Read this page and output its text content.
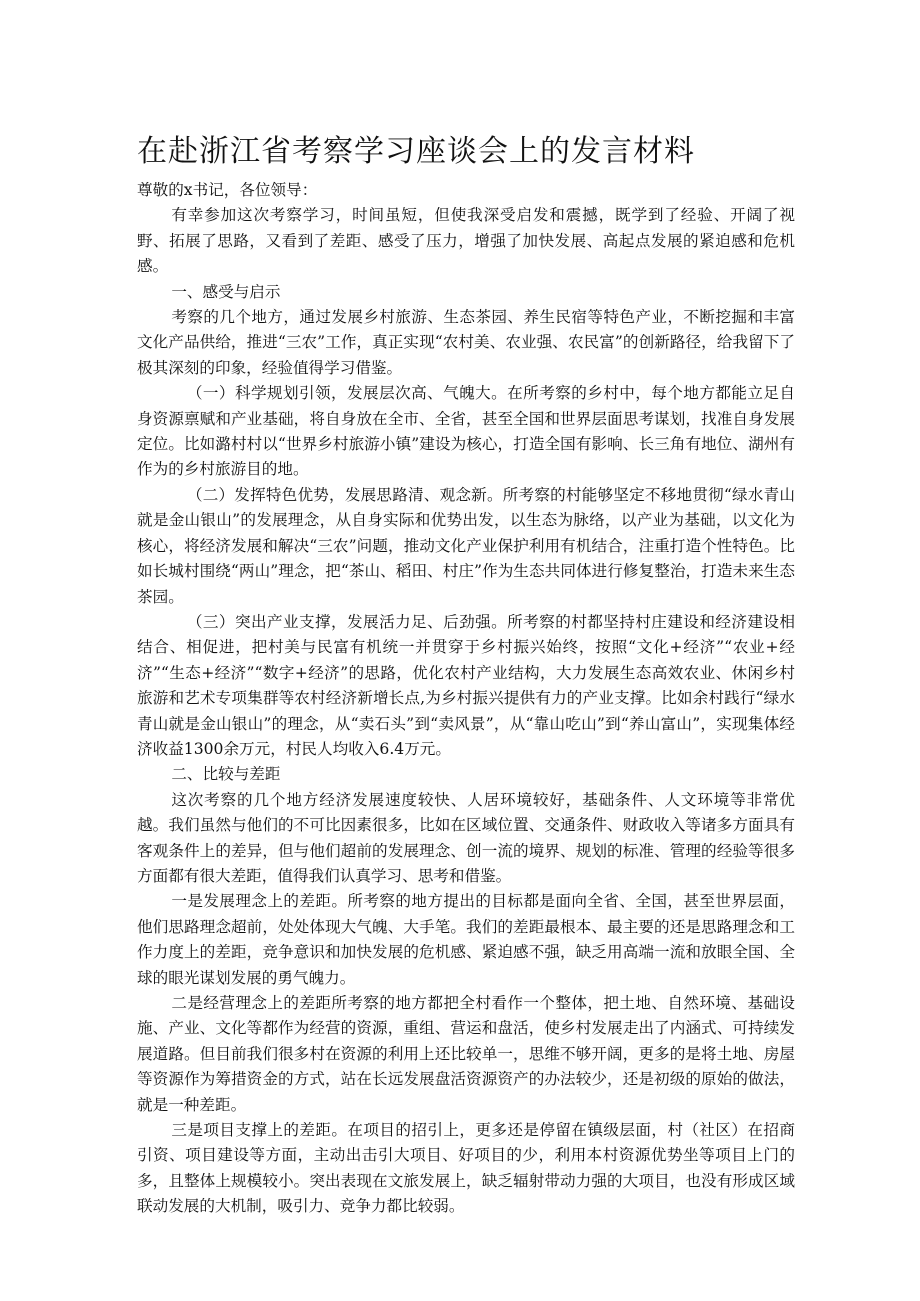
在赴浙江省考察学习座谈会上的发言材料

尊敬的x书记，各位领导：

有幸参加这次考察学习，时间虽短，但使我深受启发和震撼，既学到了经验、开阔了视野、拓展了思路，又看到了差距、感受了压力，增强了加快发展、高起点发展的紧迫感和危机感。

一、感受与启示

考察的几个地方，通过发展乡村旅游、生态茶园、养生民宿等特色产业，不断挖掘和丰富文化产品供给，推进“三农”工作，真正实现“农村美、农业强、农民富”的创新路径，给我留下了极其深刻的印象，经验值得学习借鉴。

（一）科学规划引领，发展层次高、气魄大。在所考察的乡村中，每个地方都能立足自身资源禀赋和产业基础，将自身放在全市、全省，甚至全国和世界层面思考谋划，找准自身发展定位。比如潞村村以“世界乡村旅游小镇”建设为核心，打造全国有影响、长三角有地位、湖州有作为的乡村旅游目的地。

（二）发挥特色优势，发展思路清、观念新。所考察的村能够坚定不移地贯彻“绿水青山就是金山银山”的发展理念，从自身实际和优势出发，以生态为脉络，以产业为基础，以文化为核心，将经济发展和解决“三农”问题，推动文化产业保护利用有机结合，注重打造个性特色。比如长城村围绕“两山”理念，把“茶山、稻田、村庄”作为生态共同体进行修复整治，打造未来生态茶园。

（三）突出产业支撑，发展活力足、后劲强。所考察的村都坚持村庄建设和经济建设相结合、相促进，把村美与民富有机统一并贯穿于乡村振兴始终，按照“文化+经济”“农业+经济”“生态+经济”“数字+经济”的思路，优化农村产业结构，大力发展生态高效农业、休闲乡村旅游和艺术专项集群等农村经济新增长点,为乡村振兴提供有力的产业支撑。比如余村践行“绿水青山就是金山银山”的理念，从“卖石头”到“卖风景”，从“靠山吃山”到“养山富山”，实现集体经济收益1300余万元，村民人均收入6.4万元。

二、比较与差距

这次考察的几个地方经济发展速度较快、人居环境较好，基础条件、人文环境等非常优越。我们虽然与他们的不可比因素很多，比如在区域位置、交通条件、财政收入等诸多方面具有客观条件上的差异，但与他们超前的发展理念、创一流的境界、规划的标准、管理的经验等很多方面都有很大差距，值得我们认真学习、思考和借鉴。

一是发展理念上的差距。所考察的地方提出的目标都是面向全省、全国，甚至世界层面，他们思路理念超前，处处体现大气魄、大手笔。我们的差距最根本、最主要的还是思路理念和工作力度上的差距，竞争意识和加快发展的危机感、紧迫感不强，缺乏用高端一流和放眼全国、全球的眼光谋划发展的勇气魄力。

二是经营理念上的差距所考察的地方都把全村看作一个整体，把土地、自然环境、基础设施、产业、文化等都作为经营的资源，重组、营运和盘活，使乡村发展走出了内涵式、可持续发展道路。但目前我们很多村在资源的利用上还比较单一，思维不够开阔，更多的是将土地、房屋等资源作为筹措资金的方式，站在长远发展盘活资源资产的办法较少，还是初级的原始的做法，就是一种差距。

三是项目支撑上的差距。在项目的招引上，更多还是停留在镇级层面，村（社区）在招商引资、项目建设等方面，主动出击引大项目、好项目的少，利用本村资源优势坐等项目上门的多，且整体上规模较小。突出表现在文旅发展上，缺乏辐射带动力强的大项目，也没有形成区域联动发展的大机制，吸引力、竞争力都比较弱。
